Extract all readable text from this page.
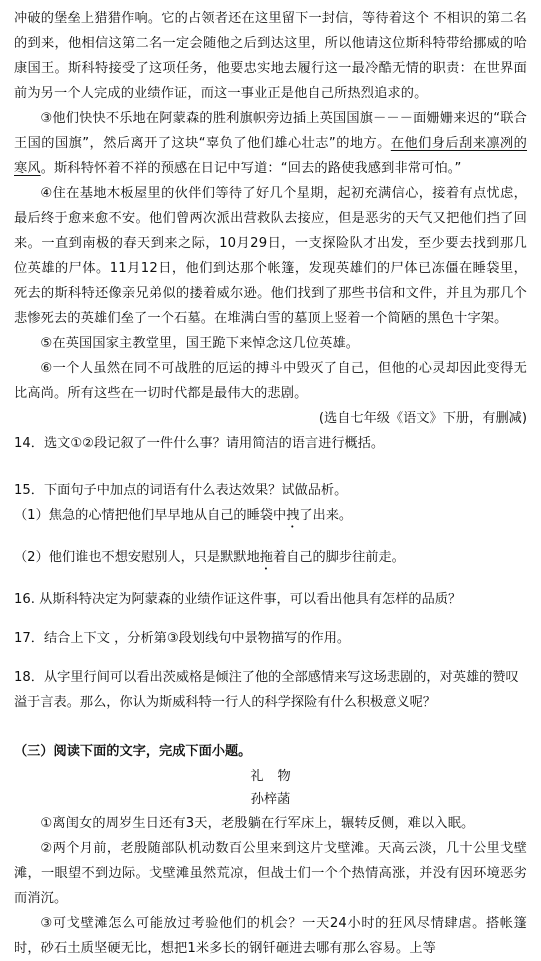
冲破的堡垒上猎猎作响。它的占领者还在这里留下一封信，等待着这个 不相识的第二名的到来，他相信这第二名一定会随他之后到达这里，所以他请这位斯科特带给挪威的哈康国王。斯科特接受了这项任务，他要忠实地去履行这一最冷酷无情的职责：在世界面前为另一个人完成的业绩作证，而这一事业正是他自己所热烈追求的。

③他们快快不乐地在阿蒙森的胜利旗帜旁边插上英国国旗－－－面姗姗来迟的“联合王国的国旗”，然后离开了这块“辜负了他们雄心壮志”的地方。在他们身后刮来凛冽的寒风。斯科特怀着不祥的预感在日记中写道：“回去的路使我感到非常可怕。”

④住在基地木板屋里的伙伴们等待了好几个星期，起初充满信心，接着有点忧虑，最后终于愈来愈不安。他们曾两次派出营救队去接应，但是恶劣的天气又把他们挡了回来。一直到南极的春天到来之际，10月29日，一支探险队才出发，至少要去找到那几位英雄的尸体。11月12日，他们到达那个帐篷，发现英雄们的尸体已冻僵在睡袋里，死去的斯科特还像亲兄弟似的搂着威尔逊。他们找到了那些书信和文件，并且为那几个悲惨死去的英雄们垒了一个石墓。在堆满白雪的墓顶上竖着一个简陋的黑色十字架。

⑤在英国国家主教堂里，国王跪下来悼念这几位英雄。

⑥一个人虽然在同不可战胜的厄运的搏斗中毁灭了自己，但他的心灵却因此变得无比高尚。所有这些在一切时代都是最伟大的悲剧。

(选自七年级《语文》下册，有删减)

14．选文①②段记叙了一件什么事？请用简洁的语言进行概括。

15．下面句子中加点的词语有什么表达效果？试做品析。

（1）焦急的心情把他们早早地从自己的睡袋中拽了出来。

（2）他们谁也不想安慰别人，只是默默地拖着自己的脚步往前走。

16. 从斯科特决定为阿蒙森的业绩作证这件事，可以看出他具有怎样的品质？

17．结合上下文 ，分析第③段划线句中景物描写的作用。

18．从字里行间可以看出茨威格是倾注了他的全部感情来写这场悲剧的，对英雄的赞叹溢于言表。那么，你认为斯威科特一行人的科学探险有什么积极意义呢？

（三）阅读下面的文字，完成下面小题。

礼物

孙梓菡

①离闺女的周岁生日还有3天，老殷躺在行军床上，辗转反侧，难以入眠。

②两个月前，老殷随部队机动数百公里来到这片戈壁滩。天高云淡，几十公里戈壁滩，一眼望不到边际。戈壁滩虽然荒凉，但战士们一个个热情高涨，并没有因环境恶劣而消沉。

③可戈壁滩怎么可能放过考验他们的机会？一天24小时的狂风尽情肆虐。搭帐篷时，砂石土质坚硬无比，想把1米多长的钢钎砸进去哪有那么容易。上等
